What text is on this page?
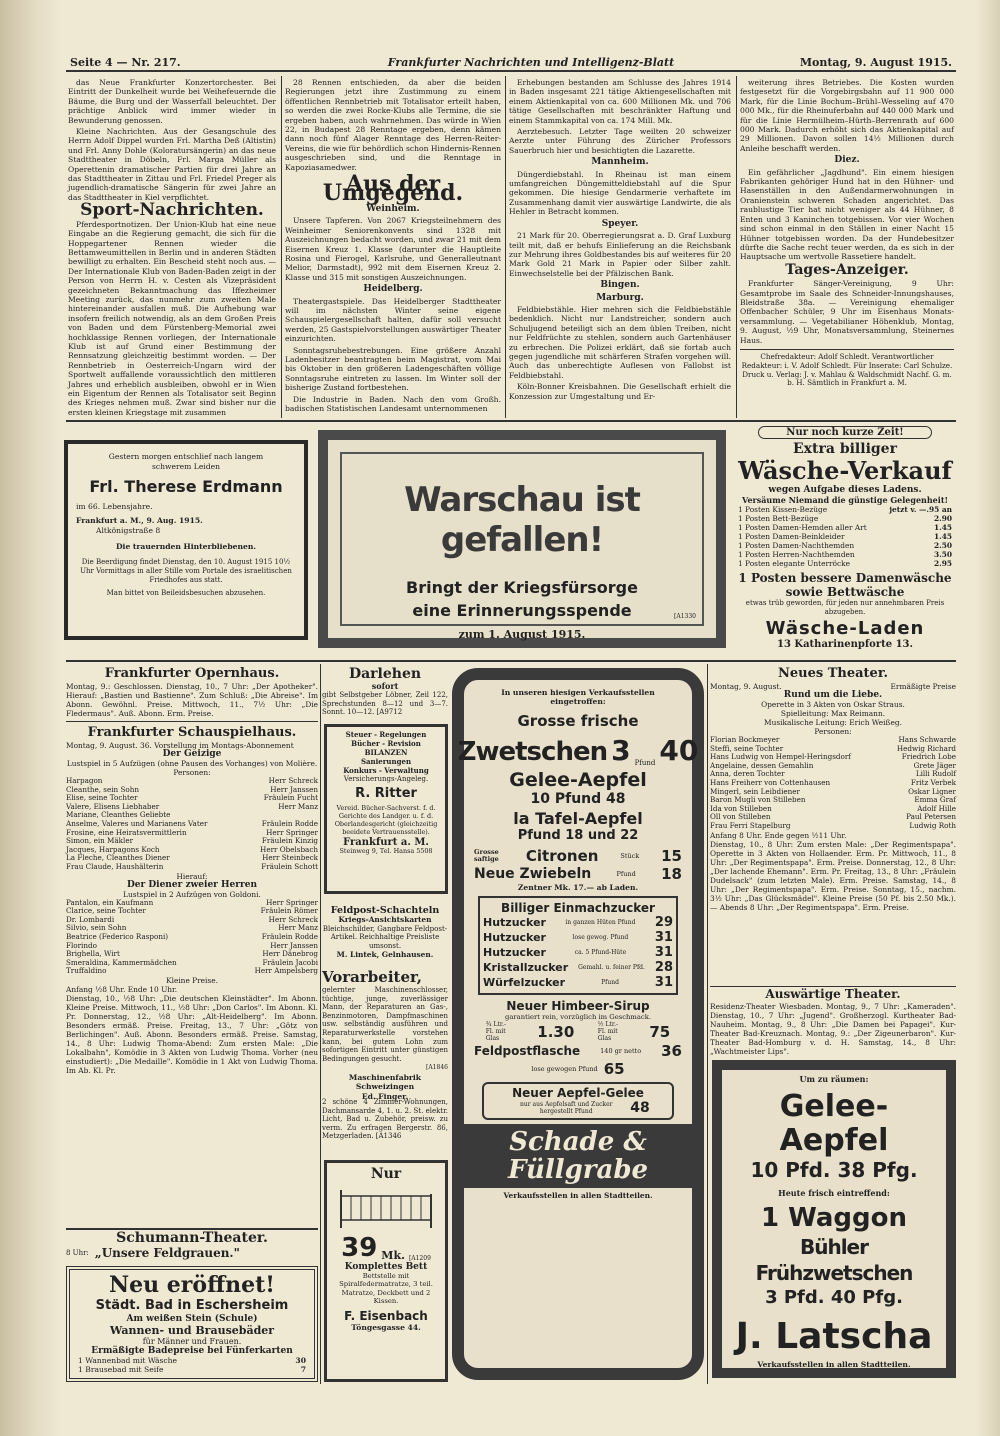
Seite 4 — Nr. 217.	Frankfurter Nachrichten und Intelligenz-Blatt	Montag, 9. August 1915.

das Neue Frankfurter Konzertorchester. Bei Eintritt der Dunkelheit wurde bei Weihefeuernde die Bäume, die Burg und der Wasserfall beleuchtet. Der prächtige Anblick wird immer wieder in Bewunderung genossen.

Kleine Nachrichten. Aus der Gesangschule des Herrn Adolf Dippel wurden Frl. Martha Deß (Altistin) und Frl. Anny Dohle (Koloratursängerin) an das neue Stadttheater in Döbeln, Frl. Marga Müller als Operettenin dramatischer Partien für drei Jahre an das Stadttheater in Zittau und Frl. Friedel Preger als jugendlich-dramatische Sängerin für zwei Jahre an das Stadttheater in Kiel verpflichtet.

Sport-Nachrichten.

Pferdesportnotizen. Der Union-Klub hat eine neue Eingabe an die Regierung gemacht, die sich für die Hoppegartener Rennen wieder die Bettamweumittellen in Berlin und in anderen Städten bewilligt zu erhalten. Ein Bescheid steht noch aus. — Der Internationale Klub von Baden-Baden zeigt in der Person von Herrn H. v. Cesten als Vizepräsident gezeichneten Bekanntmachung das Iffezheimer Meeting zurück, das nunmehr zum zweiten Male hintereinander ausfallen muß. Die Aufhebung war insofern freilich notwendig, als an dem Großen Preis von Baden und dem Fürstenberg-Memorial zwei hochklassige Rennen vorliegen, der Internationale Klub ist auf Grund einer Bestimmung der Rennsatzung gleichzeitig bestimmt worden. — Der Rennbetrieb in Oesterreich-Ungarn wird der Sportwelt auffallende voraussichtlich den mittleren Jahres und erheblich ausbleiben, obwohl er in Wien ein Eigentum der Rennen als Totalisator seit Beginn des Krieges nehmen muß. Zwar sind bisher nur die ersten kleinen Kriegstage mit zusammen

28 Rennen entschieden, da aber die beiden Regierungen jetzt ihre Zustimmung zu einem öffentlichen Rennbetrieb mit Totalisator erteilt haben, so werden die zwei Rocke-Klubs alle Termine, die sie ergeben haben, auch wahrnehmen. Das würde in Wien 22, in Budapest 28 Renntage ergeben, denn kämen dann noch fünf Alager Renntage des Herren-Reiter-Vereins, die wie für behördlich schon Hindernis-Rennen ausgeschrieben sind, und die Renntage in Kapoziasamedwer.

Aus der Umgegend.
Weinheim.

Unsere Tapferen. Von 2067 Kriegsteilnehmern des Weinheimer Seniorenkonvents sind 1328 mit Auszeichnungen bedacht worden, und zwar 21 mit dem Eisernen Kreuz 1. Klasse (darunter die Hauptleite Rosina und Fierogel, Karlsruhe, und Generalleutnant Melior, Darmstadt), 992 mit dem Eisernen Kreuz 2. Klasse und 315 mit sonstigen Auszeichnungen.

Heidelberg.

Theatergastspiele. Das Heidelberger Stadttheater will im nächsten Winter seine eigene Schauspielergesellschaft halten, dafür soll versucht werden, 25 Gastspielvorstellungen auswärtiger Theater einzurichten.

Sonntagsruhebestrebungen. Eine größere Anzahl Ladenbesitzer beantragten beim Magistrat, vom Mai bis Oktober in den größeren Ladengeschäften völlige Sonntagsruhe eintreten zu lassen. Im Winter soll der bisherige Zustand fortbestehen.

Die Industrie in Baden. Nach den vom Großh. badischen Statistischen Landesamt unternommenen

Erhebungen bestanden am Schlusse des Jahres 1914 in Baden insgesamt 221 tätige Aktiengesellschaften mit einem Aktienkapital von ca. 600 Millionen Mk. und 706 tätige Gesellschaften mit beschränkter Haftung und einem Stammkapital von ca. 174 Mill. Mk.

Aerztebesuch. Letzter Tage weilten 20 schweizer Aerzte unter Führung des Züricher Professors Sauerbruch hier und besichtigten die Lazarette.

Mannheim.

Düngerdiebstahl. In Rheinau ist man einem umfangreichen Düngemitteldiebstahl auf die Spur gekommen. Die hiesige Gendarmerie verhaftete im Zusammenhang damit vier auswärtige Landwirte, die als Hehler in Betracht kommen.

Speyer.

21 Mark für 20. Oberregierungsrat a. D. Graf Luxburg teilt mit, daß er behufs Einlieferung an die Reichsbank zur Mehrung ihres Goldbestandes bis auf weiteres für 20 Mark Gold 21 Mark in Papier oder Silber zahlt. Einwechselstelle bei der Pfälzischen Bank.

Bingen.
Marburg.

Feldbiebstähle. Hier mehren sich die Feldbiebstähle bedenklich. Nicht nur Landstreicher, sondern auch Schuljugend beteiligt sich an dem üblen Treiben, nicht nur Feldfrüchte zu stehlen, sondern auch Gartenhäuser zu erbrechen. Die Polizei erklärt, daß sie fortab auch gegen jugendliche mit schärferen Strafen vorgehen will. Auch das unberechtigte Auflesen von Fallobst ist Feldbiebstahl.

Köln-Bonner Kreisbahnen. Die Gesellschaft erhielt die Konzession zur Umgestaltung und Er-

weiterung ihres Betriebes. Die Kosten wurden festgesetzt für die Vorgebirgsbahn auf 11 900 000 Mark, für die Linie Bochum–Brühl–Wesseling auf 470 000 Mk., für die Rheinuferbahn auf 440 000 Mark und für die Linie Hermülheim–Hürth–Berrenrath auf 600 000 Mark. Dadurch erhöht sich das Aktienkapital auf 29 Millionen. Davon sollen 14½ Millionen durch Anleihe beschafft werden.

Diez.

Ein gefährlicher „Jagdhund". Ein einem hiesigen Fabrikanten gehöriger Hund hat in den Hühner- und Hasenställen in den Außendarmerwohnungen in Oranienstein schweren Schaden angerichtet. Das raublustige Tier hat nicht weniger als 44 Hühner, 8 Enten und 3 Kaninchen totgebissen. Vor vier Wochen sind schon einmal in den Ställen in einer Nacht 15 Hühner totgebissen worden. Da der Hundebesitzer dürfte die Sache recht teuer werden, da es sich in der Hauptsache um wertvolle Rassetiere handelt.

Tages-Anzeiger.

Frankfurter Sänger-Vereinigung, 9 Uhr: Gesamtprobe im Saale des Schneider-Innungshauses, Bleidstraße 38a. — Vereinigung ehemaliger Offenbacher Schüler, 9 Uhr im Eisenhaus Monats-versammlung. — Vegetabilianer Höhenklub, Montag, 9. August, ½9 Uhr, Monatsversammlung, Steinernes Haus.

Chefredakteur: Adolf Schledt. Verantwortlicher Redakteur: i. V. Adolf Schledt. Für Inserate: Carl Schulze. Druck u. Verlag: J. v. Mahlau & Waldschmidt Nachf. G. m. b. H. Sämtlich in Frankfurt a. M.
Gestern morgen entschlief nach langem
schwerem Leiden
Frl. Therese Erdmann
im 66. Lebensjahre.
Frankfurt a. M., 9. Aug. 1915.
Altkönigstraße 8
Die trauernden Hinterbliebenen.
Die Beerdigung findet Dienstag, den 10. August 1915 10½ Uhr Vormittags in aller Stille vom Portale des israelitischen Friedhofes aus statt.
Man bittet von Beileidsbesuchen abzusehen.
Warschau ist gefallen!
Bringt der Kriegsfürsorge
eine Erinnerungsspende
zum 1. August 1915.
[A1330
Nur noch kurze Zeit!
Extra billiger
Wäsche-Verkauf
wegen Aufgabe dieses Ladens.
Versäume Niemand die günstige Gelegenheit!
1 Posten Kissen-Bezüge	jetzt v. —.95 an
1 Posten Bett-Bezüge	2.90
1 Posten Damen-Hemden aller Art	1.45
1 Posten Damen-Beinkleider	1.45
1 Posten Damen-Nachthemden	2.50
1 Posten Herren-Nachthemden	3.50
1 Posten elegante Unterröcke	2.95
1 Posten bessere Damenwäsche
sowie Bettwäsche
etwas trüb geworden, für jeden nur annehmbaren Preis abzugeben.
Wäsche-Laden
13 Katharinenpforte 13.
Frankfurter Opernhaus.
Montag, 9.: Geschlossen. Dienstag, 10., 7 Uhr: „Der Apotheker". Hierauf: „Bastien und Bastienne". Zum Schluß: „Die Abreise". Im Abonn. Gewöhnl. Preise. Mittwoch, 11., 7½ Uhr: „Die Fledermaus". Auß. Abonn. Erm. Preise.
Frankfurter Schauspielhaus.
Montag, 9. August. 36. Vorstellung im Montags-Abonnement
Der Geizige
Lustspiel in 5 Aufzügen (ohne Pausen des Vorhanges) von Molière.
Personen:
Harpagon	Herr Schreck
Cleanthe, sein Sohn	Herr Janssen
Elise, seine Tochter	Fräulein Fucht
Valere, Elisens Liebhaber	Herr Manz
Mariane, Cleanthes Geliebte
Anselme, Valeres und Marianens Vater	Fräulein Rodde
Frosine, eine Heiratsvermittlerin	Herr Springer
Simon, ein Mäkler	Fräulein Kinzig
Jacques, Harpagons Koch	Herr Obelsbach
La Fleche, Cleanthes Diener	Herr Steinbeck
Frau Claude, Haushälterin	Fräulein Schott
Hierauf:
Der Diener zweier Herren
Lustspiel in 2 Aufzügen von Goldoni.
Pantalon, ein Kaufmann	Herr Springer
Clarice, seine Tochter	Fräulein Römer
Dr. Lombardi	Herr Schreck
Silvio, sein Sohn	Herr Manz
Beatrice (Federico Rasponi)	Fräulein Rodde
Florindo	Herr Janssen
Brighella, Wirt	Herr Dänebrog
Smeraldina, Kammermädchen	Fräulein Jacobi
Truffaldino	Herr Ampelsberg
Kleine Preise.
Anfang ½8 Uhr. Ende 10 Uhr.
Dienstag, 10., ½8 Uhr: „Die deutschen Kleinstädter". Im Abonn. Kleine Preise. Mittwoch, 11., ½8 Uhr: „Don Carlos". Im Abonn. Kl. Pr. Donnerstag, 12., ½8 Uhr: „Alt-Heidelberg". Im Abonn. Besonders ermäß. Preise. Freitag, 13., 7 Uhr: „Götz von Berlichingen". Auß. Abonn. Besonders ermäß. Preise. Samstag, 14., 8 Uhr: Ludwig Thoma-Abend: Zum ersten Male: „Die Lokalbahn", Komödie in 3 Akten von Ludwig Thoma. Vorher (neu einstudiert): „Die Medaille". Komödie in 1 Akt von Ludwig Thoma. Im Ab. Kl. Pr.
Schumann-Theater.
8 Uhr: „Unsere Feldgrauen."
Neu eröffnet!
Städt. Bad in Eschersheim
Am weißen Stein (Schule)
Wannen- und Brausebäder
für Männer und Frauen.
Ermäßigte Badepreise bei Fünferkarten
1 Wannenbad mit Wäsche	30
1 Brausebad mit Seife	7
Darlehen
sofort
gibt Selbstgeber Löbner, Zeil 122, Sprechstunden 8—12 und 3—7. Sonnt. 10—12. [A9712
Steuer - Regelungen
Bücher - Revision
BILANZEN
Sanierungen
Konkurs - Verwaltung
Versicherungs-Angeleg.
R. Ritter
Vereid. Bücher-Sachverst. f. d. Gerichte des Landger. u. f. d. Oberlandesgericht (gleichzeitig beeidete Vertrauensstelle).
Frankfurt a. M.
Steinweg 9, Tel. Hansa 5508
Feldpost-Schachteln
Kriegs-Ansichtskarten
Bleichschilder, Gangbare Feldpost-Artikel. Reichhaltige Preisliste umsonst.
M. Lintek, Gelnhausen.
Vorarbeiter,
gelernter Maschinenschlosser, tüchtige, junge, zuverlässiger Mann, der Reparaturen an Gas-, Benzinmotoren, Dampfmaschinen usw. selbständig ausführen und Reparaturwerkstelle vorstehen kann, bei gutem Lohn zum sofortigen Eintritt unter günstigen Bedingungen gesucht.
[A1846
Maschinenfabrik Schweizingen
Ed. Finger.
2 schöne 4 Zimmer-Wohnungen, Dachmansarde 4, 1. u. 2. St. elektr. Licht, Bad u. Zubehör, preisw. zu verm. Zu erfragen Bergerstr. 86, Metzgerladen. [A1346
Nur
39 Mk. [A1209
Komplettes Bett
Bettstelle mit Spiralfedermatratze, 3 teil. Matratze, Deckbett und 2 Kissen.
F. Eisenbach
Töngesgasse 44.
In unseren hiesigen Verkaufsstellen eingetroffen:
Grosse frische
Zwetschen 3 Pfund 40
Gelee-Aepfel
10 Pfund 48
la Tafel-Aepfel
Pfund 18 und 22
Grosse saftige	Citronen	Stück 15
Neue Zwiebeln	Pfund 18
Zentner Mk. 17.— ab Laden.
Billiger Einmachzucker
Hutzucker	in ganzen Hüten Pfund 29
Hutzucker	lose gewog. Pfund 31
Hutzucker	ca. 5 Pfund-Hüte 31
Kristallzucker Gemahl. u. feiner Pfd. 28
Würfelzucker	Pfund	31
Neuer Himbeer-Sirup
garantiert rein, vorzüglich im Geschmack.
¾ Ltr.-Fl. mit Glas	1.30	½ Ltr.-Fl. mit Glas	75
Feldpostflasche	140 gr netto 36
lose gewogen Pfund 65
Neuer Aepfel-Gelee
nur aus Aepfelsaft und Zucker hergestellt Pfund	48
Schade &
Füllgrabe
Verkaufsstellen in allen Stadtteilen.
Neues Theater.
Montag, 9. August.	Ermäßigte Preise
Rund um die Liebe.
Operette in 3 Akten von Oskar Straus.
Spielleitung: Max Reimann.
Musikalische Leitung: Erich Weißeg.
Personen:
Florian Bockmeyer	Hans Schwarde
Steffi, seine Tochter	Hedwig Richard
Hans Ludwig von Hempel-Heringsdorf	Friedrich Lobe
Angelaine, dessen Gemahlin	Grete Jäger
Anna, deren Tochter	Lilli Rudolf
Hans Freiherr von Cottenhausen	Fritz Verbek
Mingerl, sein Leibdiener	Oskar Ligner
Baron Mugli von Stilleben	Emma Graf
Ida von Stilleben	Adolf Hille
Oll von Stilleben	Paul Petersen
Frau Ferri Stapelburg	Ludwig Roth
Anfang 8 Uhr. Ende gegen ½11 Uhr.
Dienstag, 10., 8 Uhr: Zum ersten Male: „Der Regimentspapa". Operette in 3 Akten von Hollaender. Erm. Pr. Mittwoch, 11., 8 Uhr: „Der Regimentspapa". Erm. Preise. Donnerstag, 12., 8 Uhr: „Der lachende Ehemann". Erm. Pr. Freitag, 13., 8 Uhr: „Fräulein Dudelsack" (zum letzten Male). Erm. Preise. Samstag, 14., 8 Uhr: „Der Regimentspapa". Erm. Preise. Sonntag, 15., nachm. 3½ Uhr: „Das Glücksmädel". Kleine Preise (50 Pf. bis 2.50 Mk.). — Abends 8 Uhr: „Der Regimentspapa". Erm. Preise.
Auswärtige Theater.
Residenz-Theater Wiesbaden. Montag, 9., 7 Uhr: „Kameraden". Dienstag, 10., 7 Uhr: „Jugend". Großherzogl. Kurtheater Bad-Nauheim. Montag, 9., 8 Uhr: „Die Damen bei Papagei". Kur-Theater Bad-Kreuznach. Montag, 9.: „Der Zigeunerbaron". Kur-Theater Bad-Homburg v. d. H. Samstag, 14., 8 Uhr: „Wachtmeister Lips".
Um zu räumen:
Gelee-Aepfel
10 Pfd. 38 Pfg.
Heute frisch eintreffend:
1 Waggon
Bühler Frühzwetschen
3 Pfd. 40 Pfg.
J. Latscha
Verkaufsstellen in allen Stadtteilen.
